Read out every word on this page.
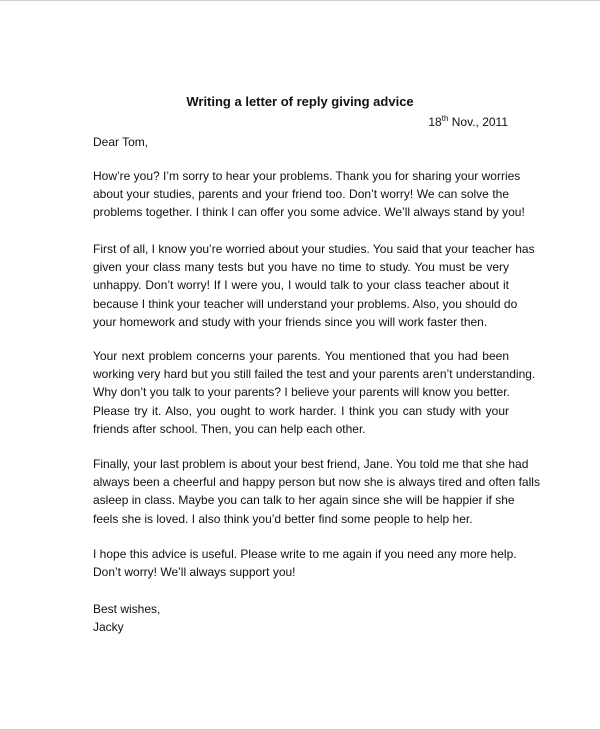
Writing a letter of reply giving advice
18th Nov., 2011
Dear Tom,
How’re you? I’m sorry to hear your problems. Thank you for sharing your worries
about your studies, parents and your friend too. Don’t worry! We can solve the
problems together. I think I can offer you some advice. We’ll always stand by you!
First of all, I know you’re worried about your studies. You said that your teacher has
given your class many tests but you have no time to study. You must be very
unhappy. Don’t worry! If I were you, I would talk to your class teacher about it
because I think your teacher will understand your problems. Also, you should do
your homework and study with your friends since you will work faster then.
Your next problem concerns your parents. You mentioned that you had been
working very hard but you still failed the test and your parents aren’t understanding.
Why don’t you talk to your parents? I believe your parents will know you better.
Please try it. Also, you ought to work harder. I think you can study with your
friends after school. Then, you can help each other.
Finally, your last problem is about your best friend, Jane. You told me that she had
always been a cheerful and happy person but now she is always tired and often falls
asleep in class. Maybe you can talk to her again since she will be happier if she
feels she is loved. I also think you’d better find some people to help her.
I hope this advice is useful. Please write to me again if you need any more help.
Don’t worry! We’ll always support you!
Best wishes,
Jacky
